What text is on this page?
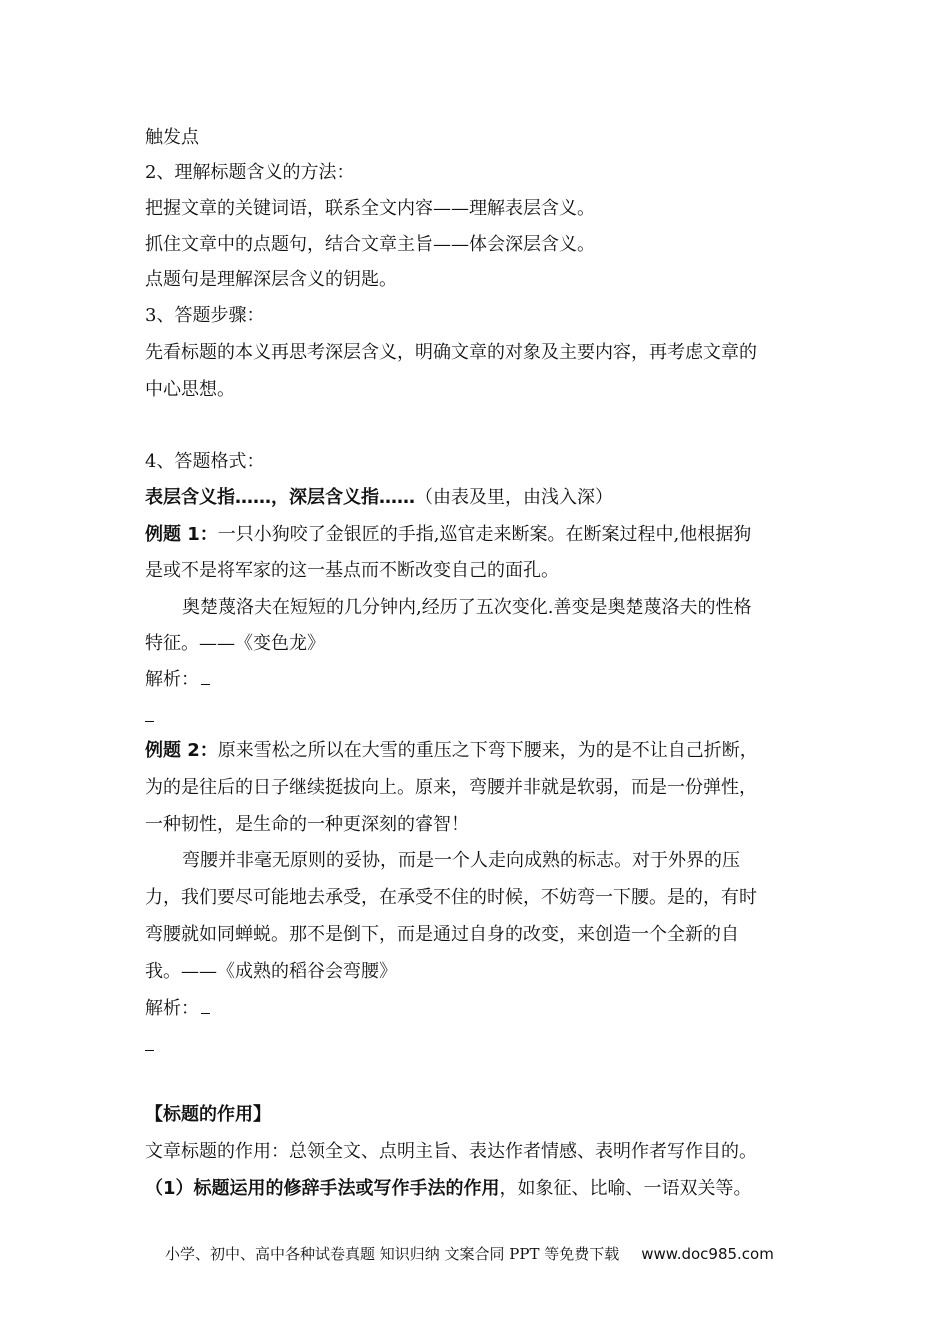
触发点
2、理解标题含义的方法：
把握文章的关键词语，联系全文内容——理解表层含义。
抓住文章中的点题句，结合文章主旨——体会深层含义。
点题句是理解深层含义的钥匙。
3、答题步骤：
先看标题的本义再思考深层含义，明确文章的对象及主要内容，再考虑文章的
中心思想。
4、答题格式：
表层含义指……，深层含义指……（由表及里，由浅入深）
例题 1：一只小狗咬了金银匠的手指,巡官走来断案。在断案过程中,他根据狗
是或不是将军家的这一基点而不断改变自己的面孔。
奥楚蔑洛夫在短短的几分钟内,经历了五次变化.善变是奥楚蔑洛夫的性格
特征。——《变色龙》
解析：
例题 2：原来雪松之所以在大雪的重压之下弯下腰来，为的是不让自己折断，
为的是往后的日子继续挺拔向上。原来，弯腰并非就是软弱，而是一份弹性，
一种韧性，是生命的一种更深刻的睿智！
弯腰并非毫无原则的妥协，而是一个人走向成熟的标志。对于外界的压
力，我们要尽可能地去承受，在承受不住的时候，不妨弯一下腰。是的，有时
弯腰就如同蝉蜕。那不是倒下，而是通过自身的改变，来创造一个全新的自
我。——《成熟的稻谷会弯腰》
解析：
【标题的作用】
文章标题的作用：总领全文、点明主旨、表达作者情感、表明作者写作目的。
（1）标题运用的修辞手法或写作手法的作用，如象征、比喻、一语双关等。
小学、初中、高中各种试卷真题 知识归纳 文案合同 PPT 等免费下载 www.doc985.com
